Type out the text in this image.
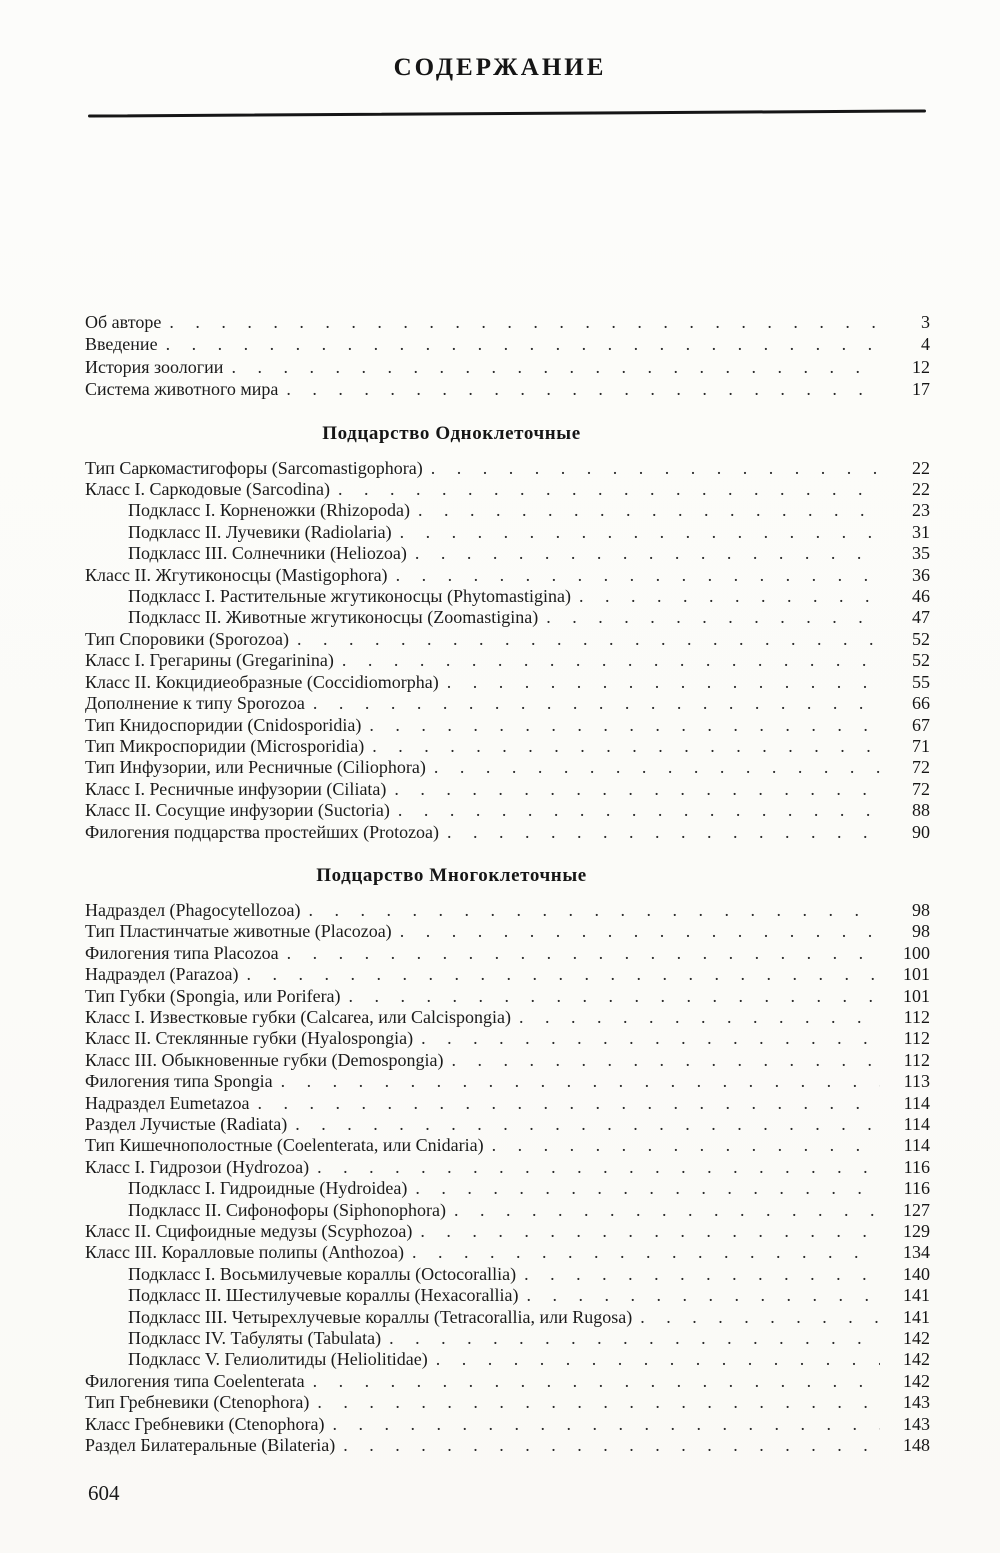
СОДЕРЖАНИЕ
Об авторе . . .	3
Введение . . .	4
История зоологии . . .	12
Система животного мира . . .	17
Подцарство Одноклеточные
Тип Саркомастигофоры (Sarcomastigophora) . . .	22
Класс I. Саркодовые (Sarcodina) . . .	22
Подкласс I. Корненожки (Rhizopoda) . . .	23
Подкласс II. Лучевики (Radiolaria) . . .	31
Подкласс III. Солнечники (Heliozoa) . . .	35
Класс II. Жгутиконосцы (Mastigophora) . . .	36
Подкласс I. Растительные жгутиконосцы (Phytomastigina) . . .	46
Подкласс II. Животные жгутиконосцы (Zoomastigina) . . .	47
Тип Споровики (Sporozoa) . . .	52
Класс I. Грегарины (Gregarinina) . . .	52
Класс II. Кокцидиеобразные (Coccidiomorpha) . . .	55
Дополнение к типу Sporozoa . . .	66
Тип Книдоспоридии (Cnidosporidia) . . .	67
Тип Микроспоридии (Microsporidia) . . .	71
Тип Инфузории, или Ресничные (Ciliophora) . . .	72
Класс I. Ресничные инфузории (Ciliata) . . .	72
Класс II. Сосущие инфузории (Suctoria) . . .	88
Филогения подцарства простейших (Protozoa) . . .	90
Подцарство Многоклеточные
Надраздел (Phagocytellozoa) . . .	98
Тип Пластинчатые животные (Placozoa) . . .	98
Филогения типа Placozoa . . .	100
Надраэдел (Parazoa) . . .	101
Тип Губки (Spongia, или Porifera) . . .	101
Класс I. Известковые губки (Calcarea, или Calcispongia) . . .	112
Класс II. Стеклянные губки (Hyalospongia) . . .	112
Класс III. Обыкновенные губки (Demospongia) . . .	112
Филогения типа Spongia . . .	113
Надраздел Eumetazoa . . .	114
Раздел Лучистые (Radiata) . . .	114
Тип Кишечнополостные (Coelenterata, или Cnidaria) . . .	114
Класс I. Гидрозои (Hydrozoa) . . .	116
Подкласс I. Гидроидные (Hydroidea) . . .	116
Подкласс II. Сифонофоры (Siphonophora) . . .	127
Класс II. Сцифоидные медузы (Scyphozoa) . . .	129
Класс III. Коралловые полипы (Anthozoa) . . .	134
Подкласс I. Восьмилучевые кораллы (Octocorallia) . . .	140
Подкласс II. Шестилучевые кораллы (Hexacorallia) . . .	141
Подкласс III. Четырехлучевые кораллы (Tetracorallia, или Rugosa) . . .	141
Подкласс IV. Табуляты (Tabulata) . . .	142
Подкласс V. Гелиолитиды (Heliolitidae) . . .	142
Филогения типа Coelenterata . . .	142
Тип Гребневики (Ctenophora) . . .	143
Класс Гребневики (Ctenophora) . . .	143
Раздел Билатеральные (Bilateria) . . .	148
604
